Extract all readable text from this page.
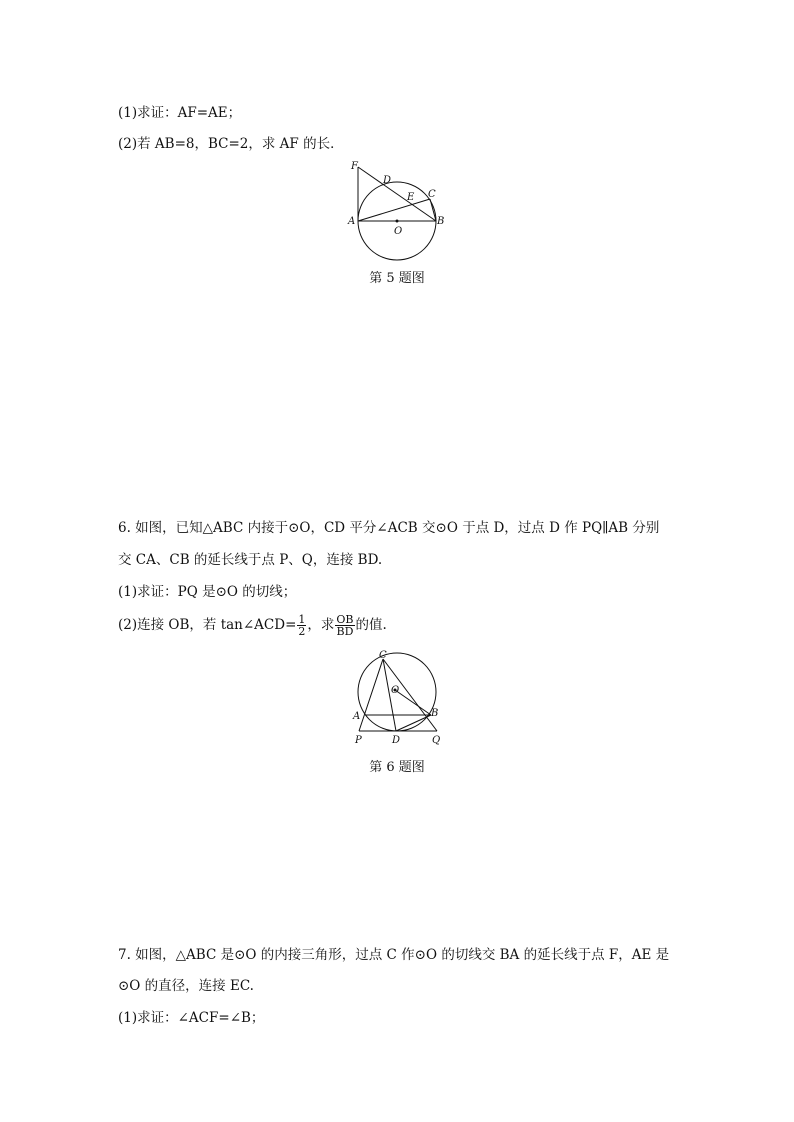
(1)求证：AF=AE；
(2)若 AB=8，BC=2，求 AF 的长．
F
D
E C
A	B
O
第 5 题图
6. 如图，已知△ABC 内接于⊙O，CD 平分∠ACB 交⊙O 于点 D，过点 D 作 PQ∥AB 分别
交 CA、CB 的延长线于点 P、Q，连接 BD.
(1)求证：PQ 是⊙O 的切线；
(2)连接 OB，若 tan∠ACD= $\frac{1}{2}$ ，求 $\frac{OB}{BD}$ 的值.
C
O
A	B
P	D	Q
第 6 题图
7. 如图，△ABC 是⊙O 的内接三角形，过点 C 作⊙O 的切线交 BA 的延长线于点 F，AE 是
⊙O 的直径，连接 EC.
(1)求证：∠ACF=∠B；
